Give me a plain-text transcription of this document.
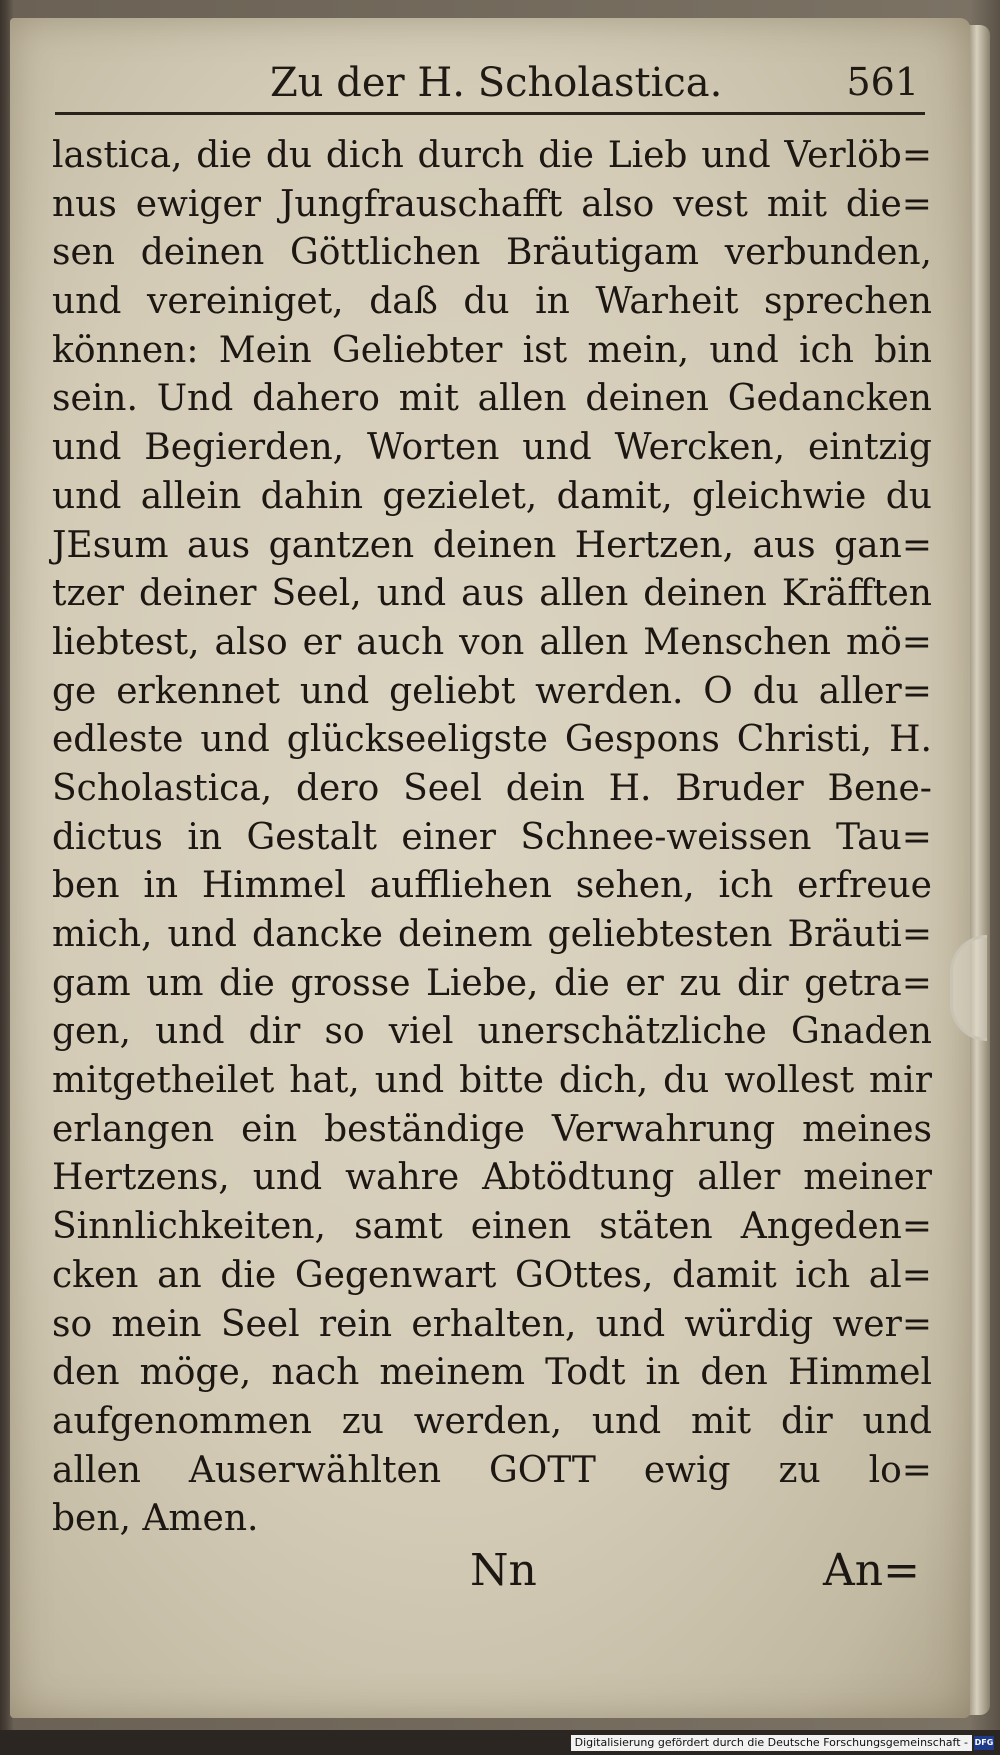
Zu der H. Scholastica.	561
lastica, die du dich durch die Lieb und Verlöb=
nus ewiger Jungfrauschafft also vest mit die=
sen deinen Göttlichen Bräutigam verbunden,
und vereiniget, daß du in Warheit sprechen
können: Mein Geliebter ist mein, und ich bin
sein. Und dahero mit allen deinen Gedancken
und Begierden, Worten und Wercken, eintzig
und allein dahin gezielet, damit, gleichwie du
JEsum aus gantzen deinen Hertzen, aus gan=
tzer deiner Seel, und aus allen deinen Kräfften
liebtest, also er auch von allen Menschen mö=
ge erkennet und geliebt werden. O du aller=
edleste und glückseeligste Gespons Christi, H.
Scholastica, dero Seel dein H. Bruder Bene-
dictus in Gestalt einer Schnee-weissen Tau=
ben in Himmel auffliehen sehen, ich erfreue
mich, und dancke deinem geliebtesten Bräuti=
gam um die grosse Liebe, die er zu dir getra=
gen, und dir so viel unerschätzliche Gnaden
mitgetheilet hat, und bitte dich, du wollest mir
erlangen ein beständige Verwahrung meines
Hertzens, und wahre Abtödtung aller meiner
Sinnlichkeiten, samt einen stäten Angeden=
cken an die Gegenwart GOttes, damit ich al=
so mein Seel rein erhalten, und würdig wer=
den möge, nach meinem Todt in den Himmel
aufgenommen zu werden, und mit dir und
allen Auserwählten GOTT ewig zu lo=
ben, Amen.
Nn	An=
Digitalisierung gefördert durch die Deutsche Forschungsgemeinschaft - DFG
